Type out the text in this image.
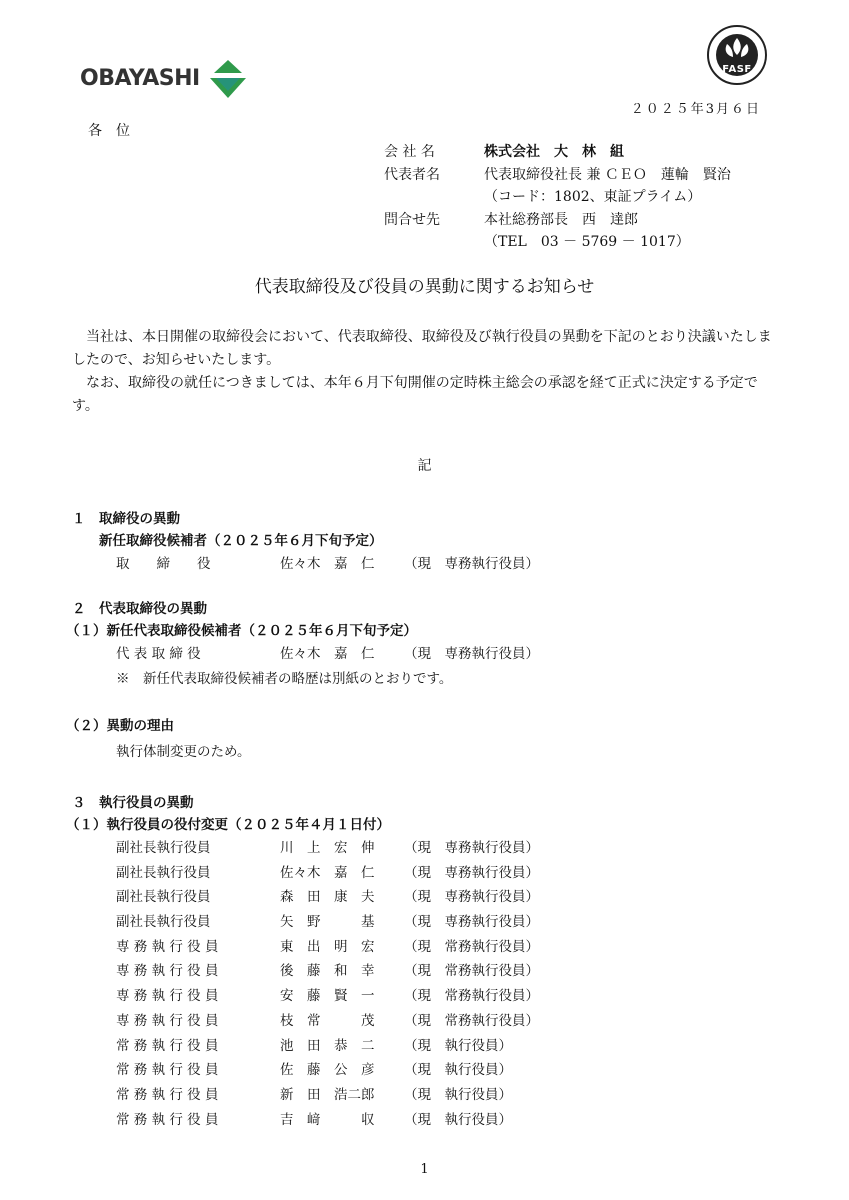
OBAYASHI	FASF
２０２５年3月６日
各位
会 社 名	株式会社　大　林　組
代表者名	代表取締役社長 兼 ＣＥＯ　蓮輪　賢治
（コード：1802、東証プライム）
問合せ先	本社総務部長　西　達郎
（TEL　03 － 5769 － 1017）
代表取締役及び役員の異動に関するお知らせ

当社は、本日開催の取締役会において、代表取締役、取締役及び執行役員の異動を下記のとおり決議いたしましたので、お知らせいたします。

なお、取締役の就任につきましては、本年６月下旬開催の定時株主総会の承認を経て正式に決定する予定です。

記
１　取締役の異動
　　新任取締役候補者（２０２５年６月下旬予定）
取　　締　　役	佐々木　嘉　仁	（現　専務執行役員）
２　代表取締役の異動
（１）新任代表取締役候補者（２０２５年６月下旬予定）
代 表 取 締 役	佐々木　嘉　仁	（現　専務執行役員）
※　新任代表取締役候補者の略歴は別紙のとおりです。
（２）異動の理由
執行体制変更のため。
３　執行役員の異動
（１）執行役員の役付変更（２０２５年４月１日付）
副社長執行役員	川　上　宏　伸	（現　専務執行役員）
副社長執行役員	佐々木　嘉　仁	（現　専務執行役員）
副社長執行役員	森　田　康　夫	（現　専務執行役員）
副社長執行役員	矢　野　　　基	（現　専務執行役員）
専 務 執 行 役 員	東　出　明　宏	（現　常務執行役員）
専 務 執 行 役 員	後　藤　和　幸	（現　常務執行役員）
専 務 執 行 役 員	安　藤　賢　一	（現　常務執行役員）
専 務 執 行 役 員	枝　常　　　茂	（現　常務執行役員）
常 務 執 行 役 員	池　田　恭　二	（現　執行役員）
常 務 執 行 役 員	佐　藤　公　彦	（現　執行役員）
常 務 執 行 役 員	新　田　浩二郎	（現　執行役員）
常 務 執 行 役 員	吉　﨑　　　収	（現　執行役員）
1
